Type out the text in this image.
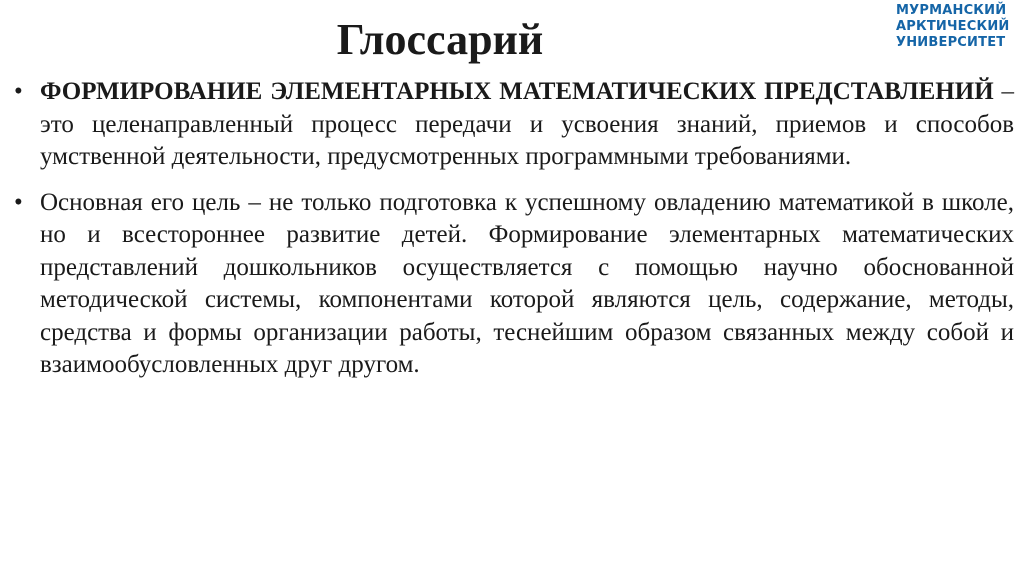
Глоссарий
МУРМАНСКИЙ
АРКТИЧЕСКИЙ
УНИВЕРСИТЕТ
• ФОРМИРОВАНИЕ ЭЛЕМЕНТАРНЫХ МАТЕМАТИЧЕСКИХ ПРЕДСТАВЛЕНИЙ – это целенаправленный процесс передачи и усвоения знаний, приемов и способов умственной деятельности, предусмотренных программными требованиями.
• Основная его цель – не только подготовка к успешному овладению математикой в школе, но и всестороннее развитие детей. Формирование элементарных математических представлений дошкольников осуществляется с помощью научно обоснованной методической системы, компонентами которой являются цель, содержание, методы, средства и формы организации работы, теснейшим образом связанных между собой и взаимообусловленных друг другом.
